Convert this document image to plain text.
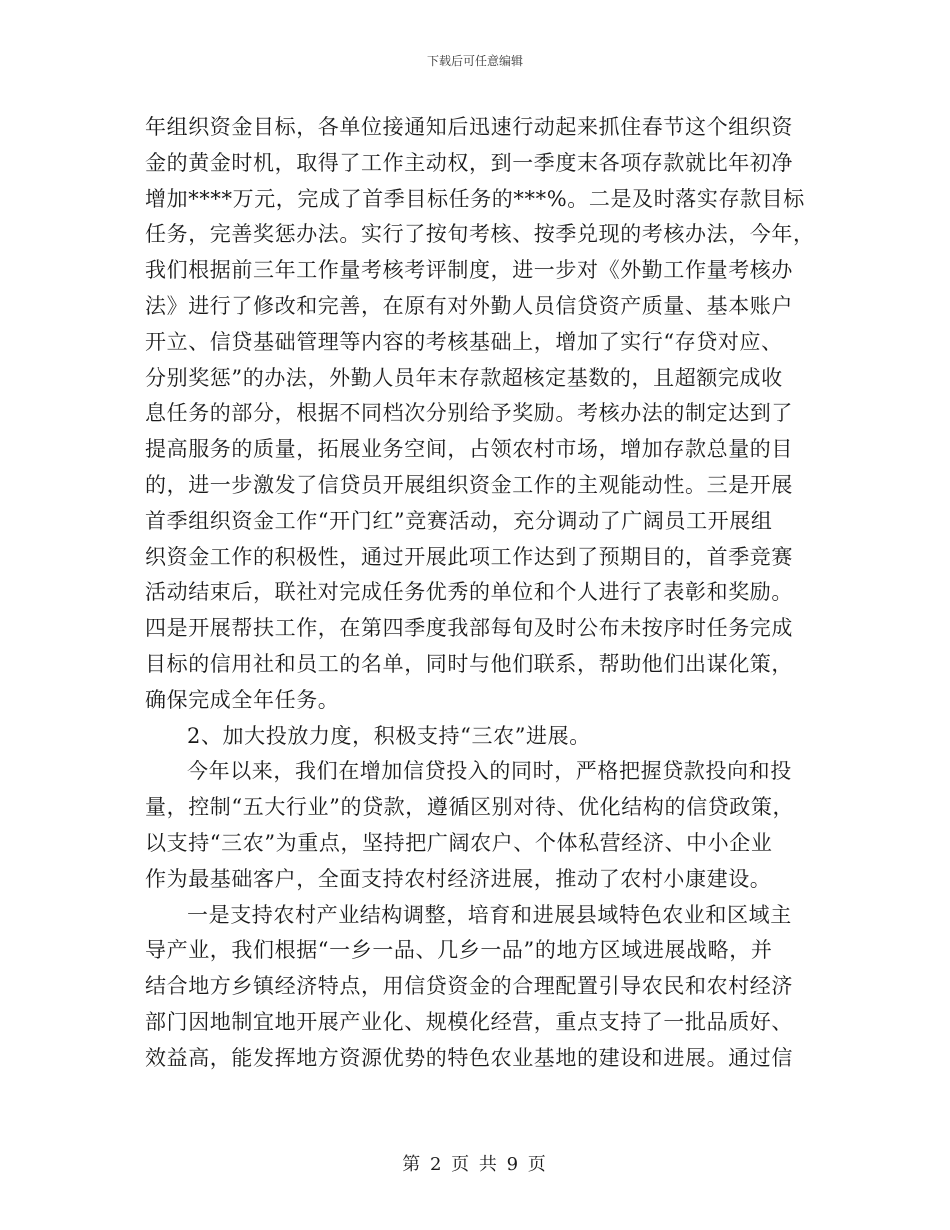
下载后可任意编辑
年组织资金目标，各单位接通知后迅速行动起来抓住春节这个组织资
金的黄金时机，取得了工作主动权，到一季度末各项存款就比年初净
增加****万元，完成了首季目标任务的***%。二是及时落实存款目标
任务，完善奖惩办法。实行了按旬考核、按季兑现的考核办法，今年，
我们根据前三年工作量考核考评制度，进一步对《外勤工作量考核办
法》进行了修改和完善，在原有对外勤人员信贷资产质量、基本账户
开立、信贷基础管理等内容的考核基础上，增加了实行“存贷对应、
分别奖惩”的办法，外勤人员年末存款超核定基数的，且超额完成收
息任务的部分，根据不同档次分别给予奖励。考核办法的制定达到了
提高服务的质量，拓展业务空间，占领农村市场，增加存款总量的目
的，进一步激发了信贷员开展组织资金工作的主观能动性。三是开展
首季组织资金工作“开门红”竞赛活动，充分调动了广阔员工开展组
织资金工作的积极性，通过开展此项工作达到了预期目的，首季竞赛
活动结束后，联社对完成任务优秀的单位和个人进行了表彰和奖励。
四是开展帮扶工作，在第四季度我部每旬及时公布未按序时任务完成
目标的信用社和员工的名单，同时与他们联系，帮助他们出谋化策，
确保完成全年任务。
2、加大投放力度，积极支持“三农”进展。
今年以来，我们在增加信贷投入的同时，严格把握贷款投向和投
量，控制“五大行业”的贷款，遵循区别对待、优化结构的信贷政策，
以支持“三农”为重点，坚持把广阔农户、个体私营经济、中小企业
作为最基础客户，全面支持农村经济进展，推动了农村小康建设。
一是支持农村产业结构调整，培育和进展县域特色农业和区域主
导产业，我们根据“一乡一品、几乡一品”的地方区域进展战略，并
结合地方乡镇经济特点，用信贷资金的合理配置引导农民和农村经济
部门因地制宜地开展产业化、规模化经营，重点支持了一批品质好、
效益高，能发挥地方资源优势的特色农业基地的建设和进展。通过信
第 2 页 共 9 页
